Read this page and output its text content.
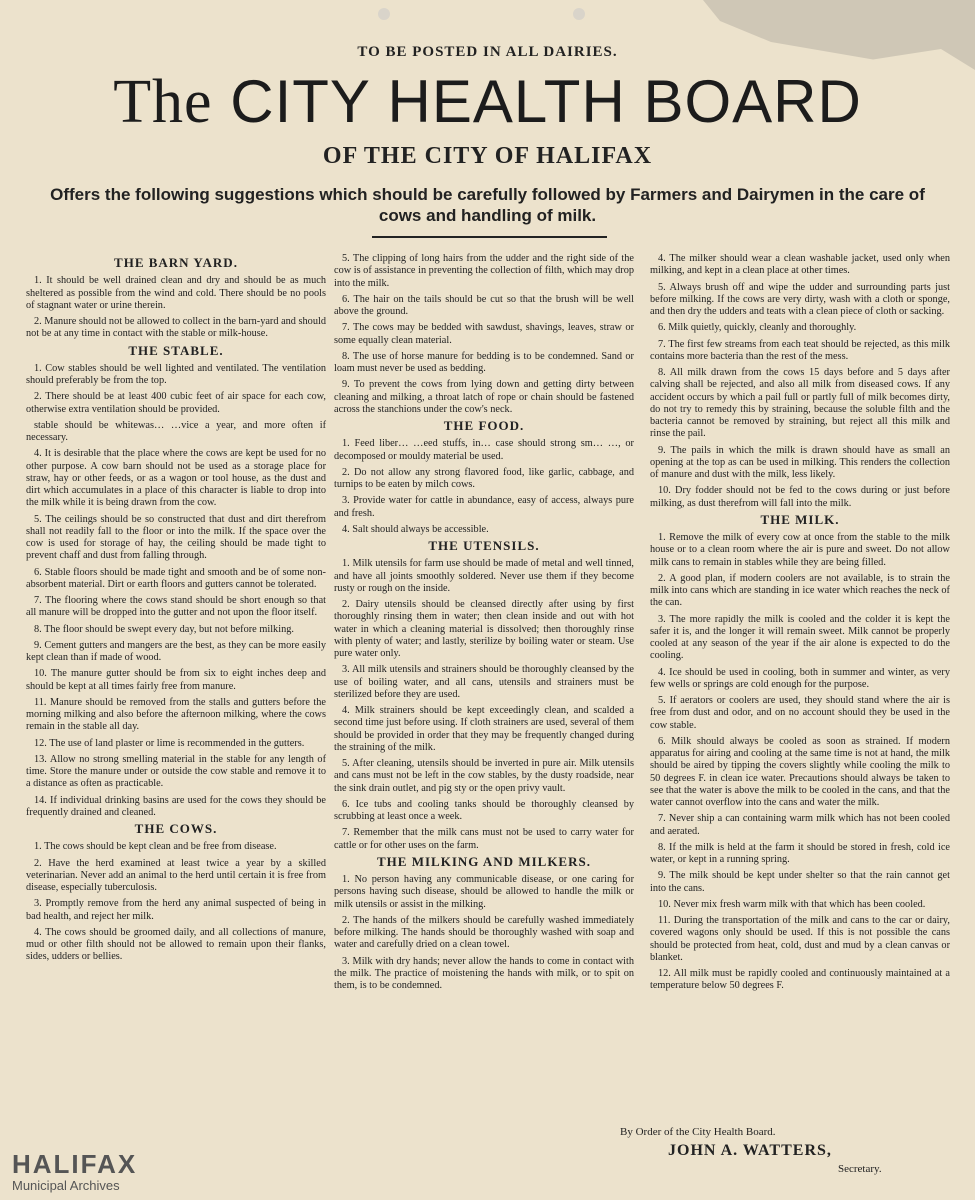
TO BE POSTED IN ALL DAIRIES.
The CITY HEALTH BOARD
OF THE CITY OF HALIFAX
Offers the following suggestions which should be carefully followed by Farmers and Dairymen in the care of cows and handling of milk.
THE BARN YARD.

1. It should be well drained clean and dry and should be as much sheltered as possible from the wind and cold. There should be no pools of stagnant water or urine therein.

2. Manure should not be allowed to collect in the barn-yard and should not be at any time in contact with the stable or milk-house.

THE STABLE.

1. Cow stables should be well lighted and ventilated. The ventilation should preferably be from the top.

2. There should be at least 400 cubic feet of air space for each cow, otherwise extra ventilation should be provided.

stable should be whitewas… …vice a year, and more often if necessary.

4. It is desirable that the place where the cows are kept be used for no other purpose. A cow barn should not be used as a storage place for straw, hay or other feeds, or as a wagon or tool house, as the dust and dirt which accumulates in a place of this character is liable to drop into the milk while it is being drawn from the cow.

5. The ceilings should be so constructed that dust and dirt therefrom shall not readily fall to the floor or into the milk. If the space over the cow is used for storage of hay, the ceiling should be made tight to prevent chaff and dust from falling through.

6. Stable floors should be made tight and smooth and be of some non-absorbent material. Dirt or earth floors and gutters cannot be tolerated.

7. The flooring where the cows stand should be short enough so that all manure will be dropped into the gutter and not upon the floor itself.

8. The floor should be swept every day, but not before milking.

9. Cement gutters and mangers are the best, as they can be more easily kept clean than if made of wood.

10. The manure gutter should be from six to eight inches deep and should be kept at all times fairly free from manure.

11. Manure should be removed from the stalls and gutters before the morning milking and also before the afternoon milking, where the cows remain in the stable all day.

12. The use of land plaster or lime is recommended in the gutters.

13. Allow no strong smelling material in the stable for any length of time. Store the manure under or outside the cow stable and remove it to a distance as often as practicable.

14. If individual drinking basins are used for the cows they should be frequently drained and cleaned.

THE COWS.

1. The cows should be kept clean and be free from disease.

2. Have the herd examined at least twice a year by a skilled veterinarian. Never add an animal to the herd until certain it is free from disease, especially tuberculosis.

3. Promptly remove from the herd any animal suspected of being in bad health, and reject her milk.

4. The cows should be groomed daily, and all collections of manure, mud or other filth should not be allowed to remain upon their flanks, sides, udders or bellies.

5. The clipping of long hairs from the udder and the right side of the cow is of assistance in preventing the collection of filth, which may drop into the milk.

6. The hair on the tails should be cut so that the brush will be well above the ground.

7. The cows may be bedded with sawdust, shavings, leaves, straw or some equally clean material.

8. The use of horse manure for bedding is to be condemned. Sand or loam must never be used as bedding.

9. To prevent the cows from lying down and getting dirty between cleaning and milking, a throat latch of rope or chain should be fastened across the stanchions under the cow's neck.

THE FOOD.

1. Feed liber… …eed stuffs, in… case should strong sm… …, or decomposed or mouldy material be used.

2. Do not allow any strong flavored food, like garlic, cabbage, and turnips to be eaten by milch cows.

3. Provide water for cattle in abundance, easy of access, always pure and fresh.

4. Salt should always be accessible.

THE UTENSILS.

1. Milk utensils for farm use should be made of metal and well tinned, and have all joints smoothly soldered. Never use them if they become rusty or rough on the inside.

2. Dairy utensils should be cleansed directly after using by first thoroughly rinsing them in water; then clean inside and out with hot water in which a cleaning material is dissolved; then thoroughly rinse with plenty of water; and lastly, sterilize by boiling water or steam. Use pure water only.

3. All milk utensils and strainers should be thoroughly cleansed by the use of boiling water, and all cans, utensils and strainers must be sterilized before they are used.

4. Milk strainers should be kept exceedingly clean, and scalded a second time just before using. If cloth strainers are used, several of them should be provided in order that they may be frequently changed during the straining of the milk.

5. After cleaning, utensils should be inverted in pure air. Milk utensils and cans must not be left in the cow stables, by the dusty roadside, near the sink drain outlet, and pig sty or the open privy vault.

6. Ice tubs and cooling tanks should be thoroughly cleansed by scrubbing at least once a week.

7. Remember that the milk cans must not be used to carry water for cattle or for other uses on the farm.

THE MILKING AND MILKERS.

1. No person having any communicable disease, or one caring for persons having such disease, should be allowed to handle the milk or milk utensils or assist in the milking.

2. The hands of the milkers should be carefully washed immediately before milking. The hands should be thoroughly washed with soap and water and carefully dried on a clean towel.

3. Milk with dry hands; never allow the hands to come in contact with the milk. The practice of moistening the hands with milk, or to spit on them, is to be condemned.

4. The milker should wear a clean washable jacket, used only when milking, and kept in a clean place at other times.

5. Always brush off and wipe the udder and surrounding parts just before milking. If the cows are very dirty, wash with a cloth or sponge, and then dry the udders and teats with a clean piece of cloth or sacking.

6. Milk quietly, quickly, cleanly and thoroughly.

7. The first few streams from each teat should be rejected, as this milk contains more bacteria than the rest of the mess.

8. All milk drawn from the cows 15 days before and 5 days after calving shall be rejected, and also all milk from diseased cows. If any accident occurs by which a pail full or partly full of milk becomes dirty, do not try to remedy this by straining, because the soluble filth and the bacteria cannot be removed by straining, but reject all this milk and rinse the pail.

9. The pails in which the milk is drawn should have as small an opening at the top as can be used in milking. This renders the collection of manure and dust with the milk, less likely.

10. Dry fodder should not be fed to the cows during or just before milking, as dust therefrom will fall into the milk.

THE MILK.

1. Remove the milk of every cow at once from the stable to the milk house or to a clean room where the air is pure and sweet. Do not allow milk cans to remain in stables while they are being filled.

2. A good plan, if modern coolers are not available, is to strain the milk into cans which are standing in ice water which reaches the neck of the can.

3. The more rapidly the milk is cooled and the colder it is kept the safer it is, and the longer it will remain sweet. Milk cannot be properly cooled at any season of the year if the air alone is expected to do the cooling.

4. Ice should be used in cooling, both in summer and winter, as very few wells or springs are cold enough for the purpose.

5. If aerators or coolers are used, they should stand where the air is free from dust and odor, and on no account should they be used in the cow stable.

6. Milk should always be cooled as soon as strained. If modern apparatus for airing and cooling at the same time is not at hand, the milk should be aired by tipping the covers slightly while cooling the milk to 50 degrees F. in clean ice water. Precautions should always be taken to see that the water is above the milk to be cooled in the cans, and that the water cannot overflow into the cans and water the milk.

7. Never ship a can containing warm milk which has not been cooled and aerated.

8. If the milk is held at the farm it should be stored in fresh, cold ice water, or kept in a running spring.

9. The milk should be kept under shelter so that the rain cannot get into the cans.

10. Never mix fresh warm milk with that which has been cooled.

11. During the transportation of the milk and cans to the car or dairy, covered wagons only should be used. If this is not possible the cans should be protected from heat, cold, dust and mud by a clean canvas or blanket.

12. All milk must be rapidly cooled and continuously maintained at a temperature below 50 degrees F.

By Order of the City Health Board.
JOHN A. WATTERS,
Secretary.
HALIFAX
Municipal Archives
